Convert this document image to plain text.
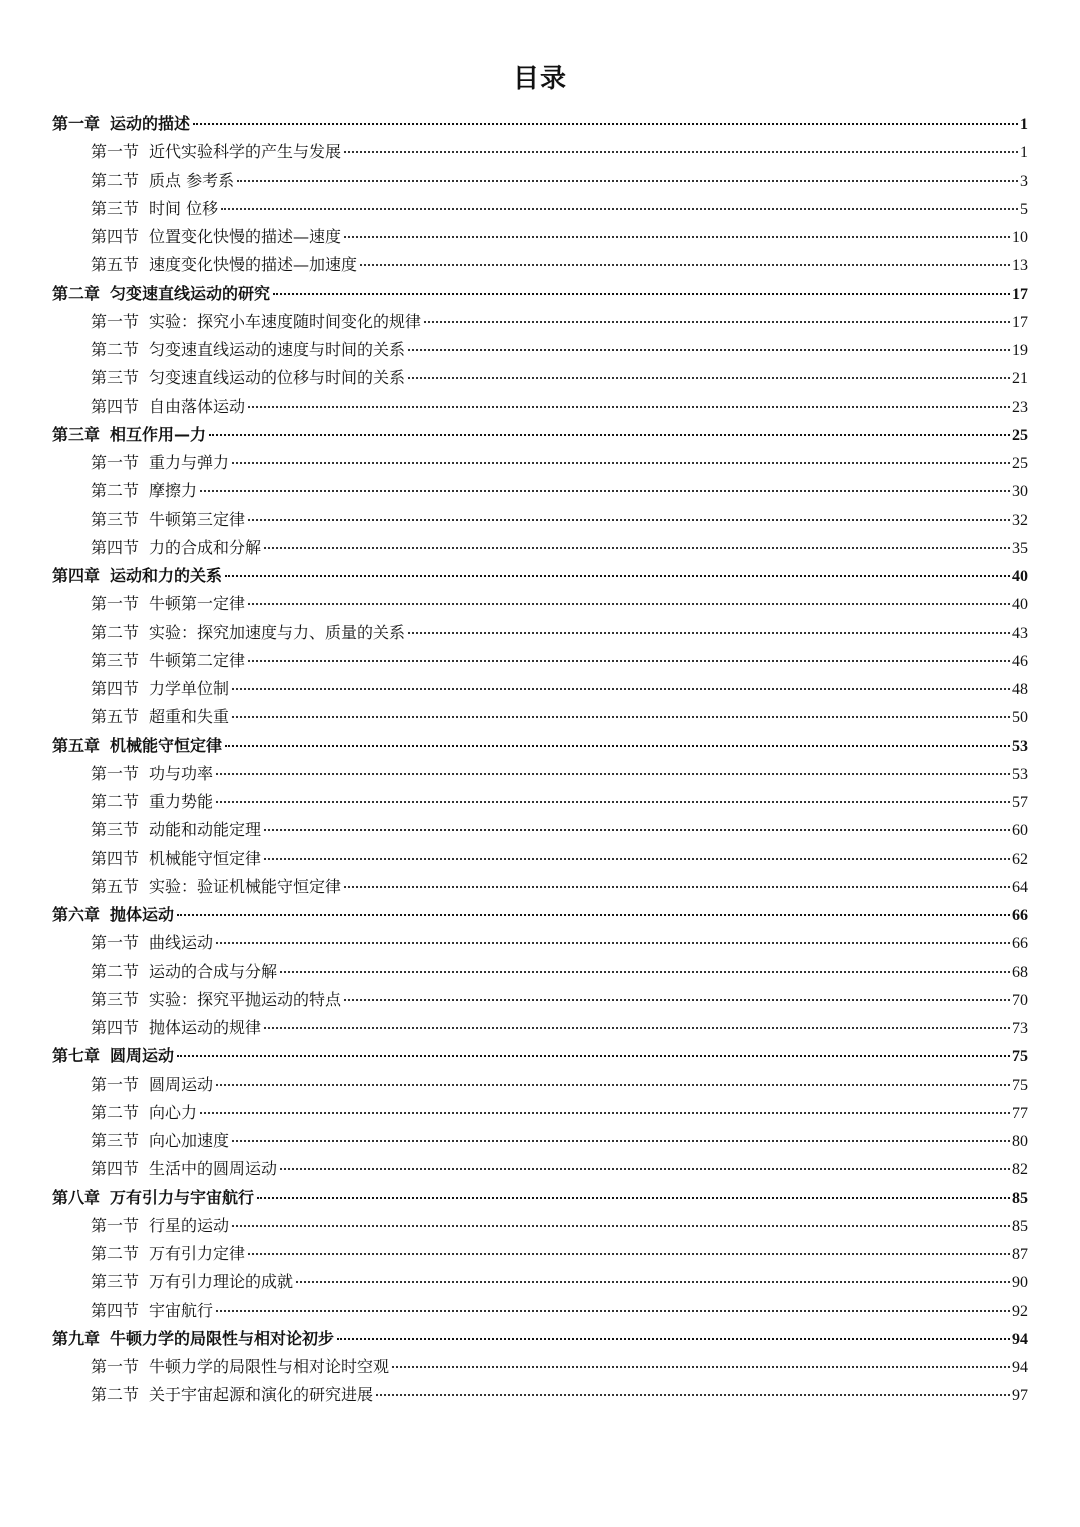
目录
第一章 运动的描述	1
第一节 近代实验科学的产生与发展	1
第二节 质点 参考系	3
第三节 时间 位移	5
第四节 位置变化快慢的描述—速度	10
第五节 速度变化快慢的描述—加速度	13
第二章 匀变速直线运动的研究	17
第一节 实验：探究小车速度随时间变化的规律	17
第二节 匀变速直线运动的速度与时间的关系	19
第三节 匀变速直线运动的位移与时间的关系	21
第四节 自由落体运动	23
第三章 相互作用—力	25
第一节 重力与弹力	25
第二节 摩擦力	30
第三节 牛顿第三定律	32
第四节 力的合成和分解	35
第四章 运动和力的关系	40
第一节 牛顿第一定律	40
第二节 实验：探究加速度与力、质量的关系	43
第三节 牛顿第二定律	46
第四节 力学单位制	48
第五节 超重和失重	50
第五章 机械能守恒定律	53
第一节 功与功率	53
第二节 重力势能	57
第三节 动能和动能定理	60
第四节 机械能守恒定律	62
第五节 实验：验证机械能守恒定律	64
第六章 抛体运动	66
第一节 曲线运动	66
第二节 运动的合成与分解	68
第三节 实验：探究平抛运动的特点	70
第四节 抛体运动的规律	73
第七章 圆周运动	75
第一节 圆周运动	75
第二节 向心力	77
第三节 向心加速度	80
第四节 生活中的圆周运动	82
第八章 万有引力与宇宙航行	85
第一节 行星的运动	85
第二节 万有引力定律	87
第三节 万有引力理论的成就	90
第四节 宇宙航行	92
第九章 牛顿力学的局限性与相对论初步	94
第一节 牛顿力学的局限性与相对论时空观	94
第二节 关于宇宙起源和演化的研究进展	97
